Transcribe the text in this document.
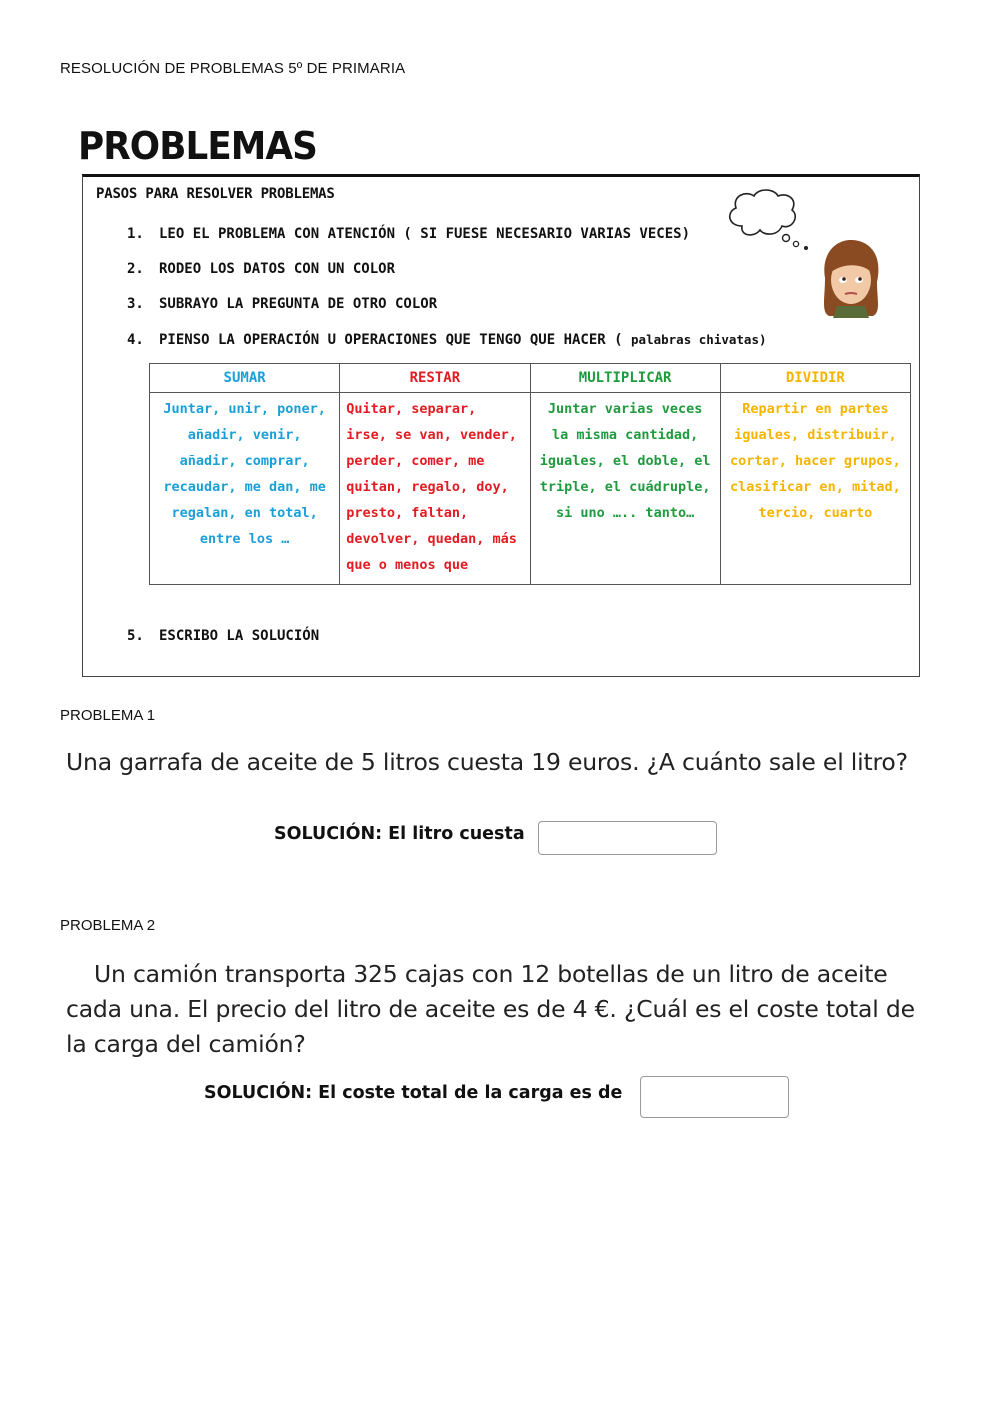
RESOLUCIÓN DE PROBLEMAS 5º DE PRIMARIA
PROBLEMAS
PASOS PARA RESOLVER PROBLEMAS
1. LEO EL PROBLEMA CON ATENCIÓN ( SI FUESE NECESARIO VARIAS VECES)
2. RODEO LOS DATOS CON UN COLOR
3. SUBRAYO LA PREGUNTA DE OTRO COLOR
4. PIENSO LA OPERACIÓN U OPERACIONES QUE TENGO QUE HACER ( palabras chivatas)
SUMAR	RESTAR	MULTIPLICAR	DIVIDIR
Juntar, unir, poner, añadir, venir, añadir, comprar, recaudar, me dan, me regalan, en total, entre los …	Quitar, separar, irse, se van, vender, perder, comer, me quitan, regalo, doy, presto, faltan, devolver, quedan, más que o menos que	Juntar varias veces la misma cantidad, iguales, el doble, el triple, el cuádruple, si uno ….. tanto…	Repartir en partes iguales, distribuir, cortar, hacer grupos, clasificar en, mitad, tercio, cuarto
5. ESCRIBO LA SOLUCIÓN
PROBLEMA 1
Una garrafa de aceite de 5 litros cuesta 19 euros. ¿A cuánto sale el litro?
SOLUCIÓN: El litro cuesta
PROBLEMA 2
Un camión transporta 325 cajas con 12 botellas de un litro de aceite cada una. El precio del litro de aceite es de 4 €. ¿Cuál es el coste total de la carga del camión?
SOLUCIÓN: El coste total de la carga es de
